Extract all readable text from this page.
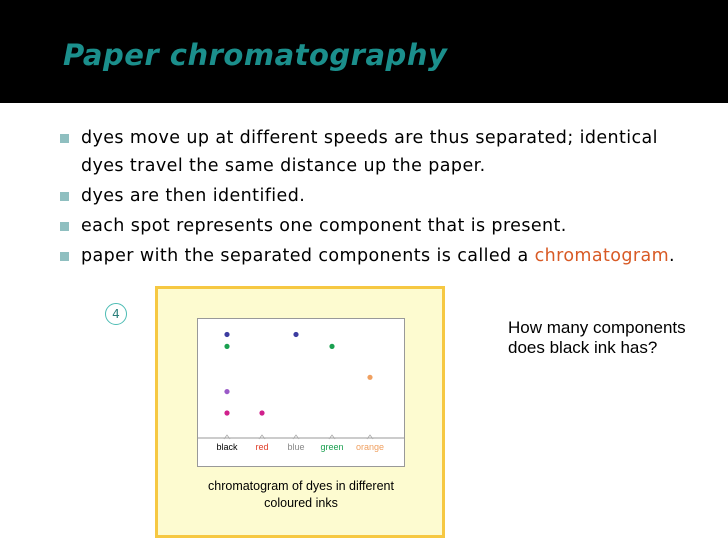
Paper chromatography
dyes move up at different speeds are thus separated; identical dyes travel the same distance up the paper.
dyes are then identified.
each spot represents one component that is present.
paper with the separated components is called a chromatogram.
4
black red blue green orange
chromatogram of dyes in different coloured inks
How many components does black ink has?
